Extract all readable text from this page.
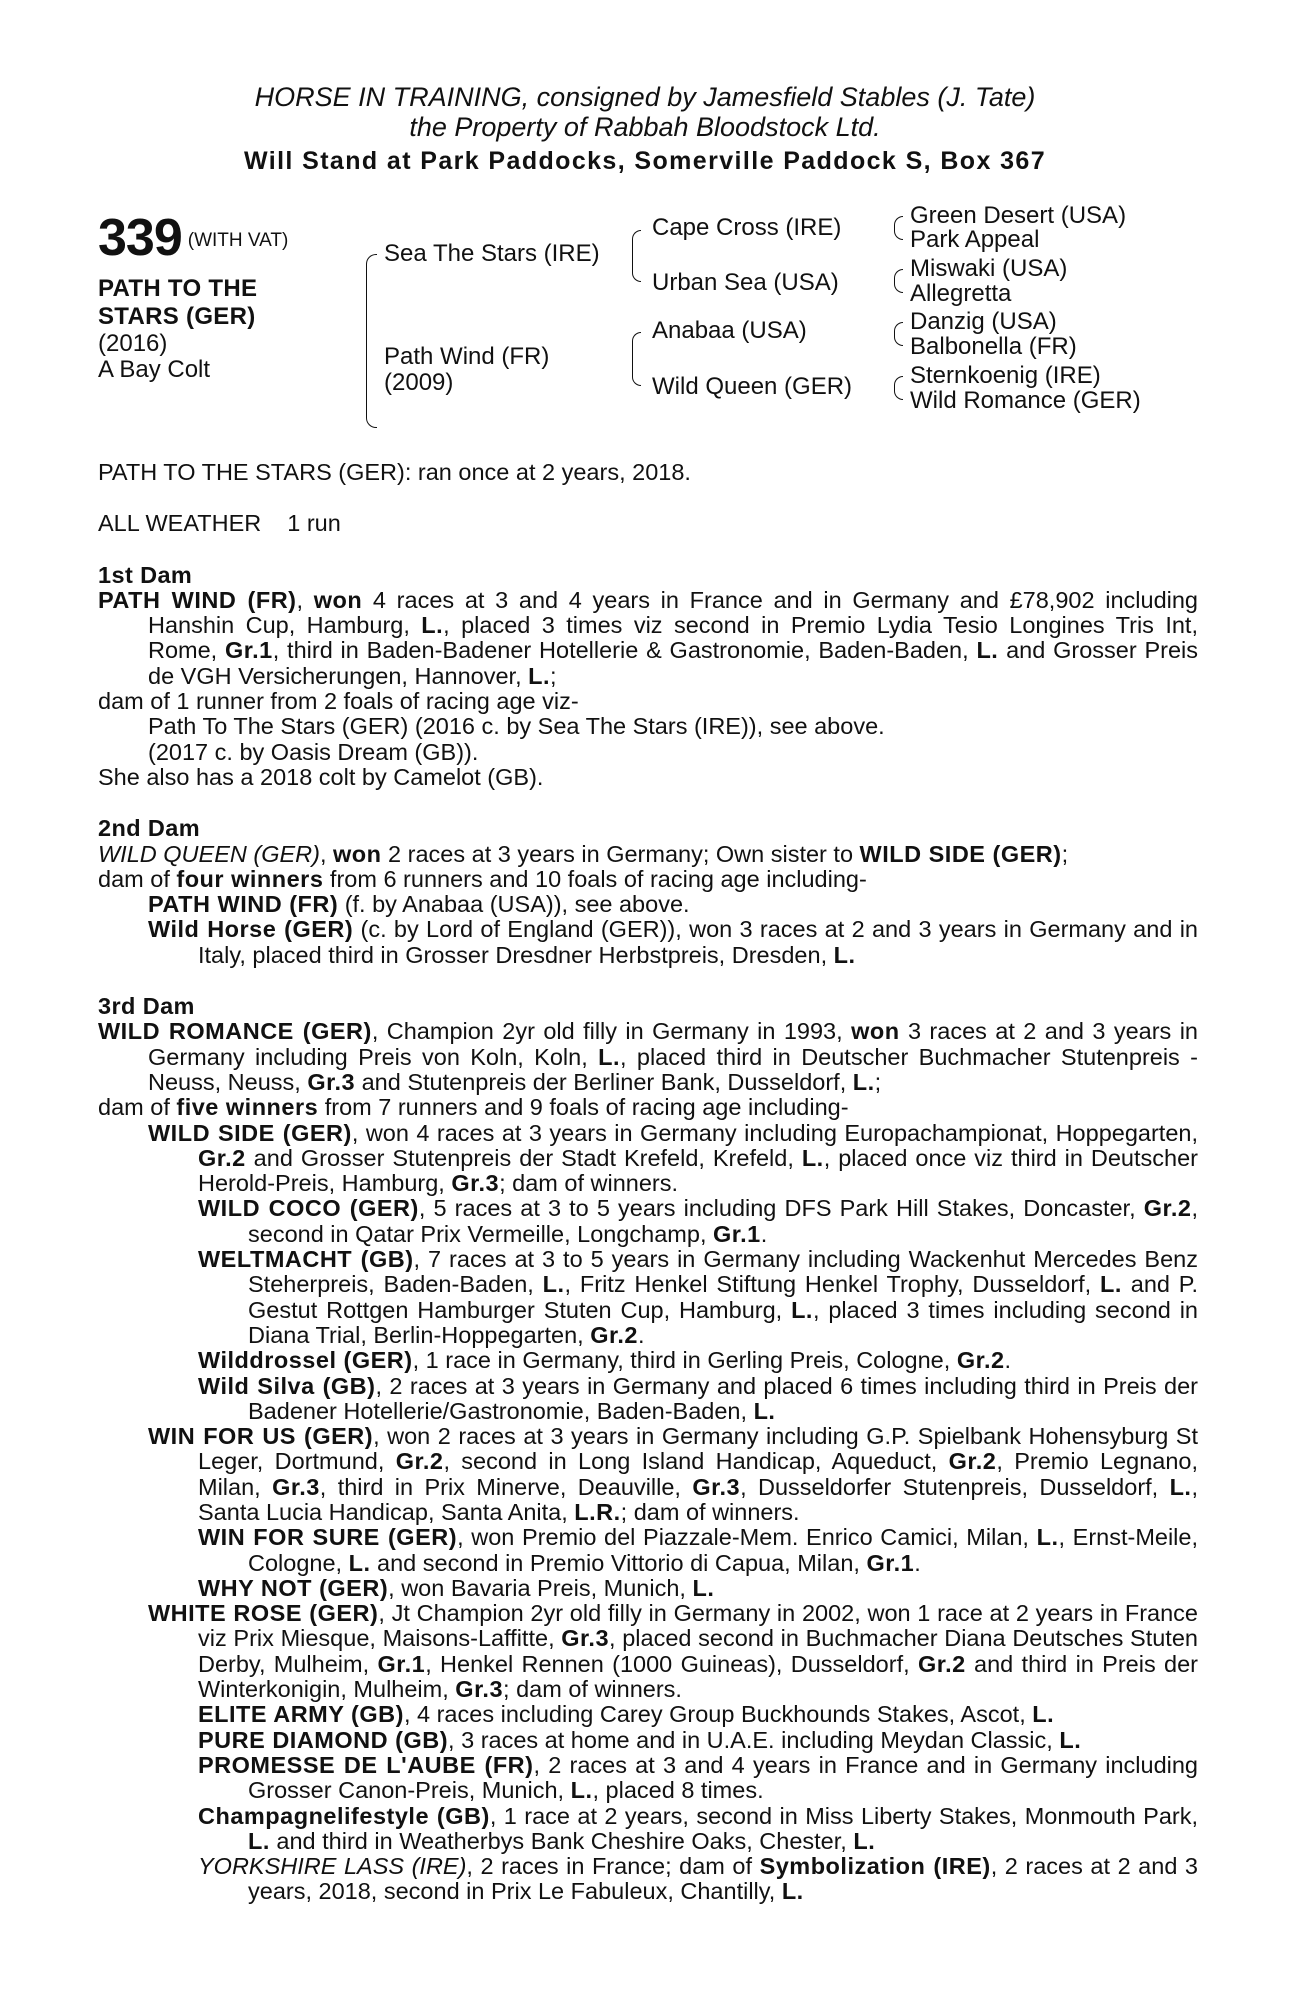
HORSE IN TRAINING, consigned by Jamesfield Stables (J. Tate)
the Property of Rabbah Bloodstock Ltd.
Will Stand at Park Paddocks, Somerville Paddock S, Box 367
339 (WITH VAT)
PATH TO THE
STARS (GER)
(2016)
A Bay Colt
Sea The Stars (IRE)
Path Wind (FR)
(2009)
Cape Cross (IRE)
Urban Sea (USA)
Anabaa (USA)
Wild Queen (GER)
Green Desert (USA)
Park Appeal
Miswaki (USA)
Allegretta
Danzig (USA)
Balbonella (FR)
Sternkoenig (IRE)
Wild Romance (GER)
PATH TO THE STARS (GER): ran once at 2 years, 2018.
ALL WEATHER 1 run
1st Dam
PATH WIND (FR), won 4 races at 3 and 4 years in France and in Germany and £78,902 including Hanshin Cup, Hamburg, L., placed 3 times viz second in Premio Lydia Tesio Longines Tris Int, Rome, Gr.1, third in Baden-Badener Hotellerie & Gastronomie, Baden-Baden, L. and Grosser Preis de VGH Versicherungen, Hannover, L.;
dam of 1 runner from 2 foals of racing age viz-
Path To The Stars (GER) (2016 c. by Sea The Stars (IRE)), see above.
(2017 c. by Oasis Dream (GB)).
She also has a 2018 colt by Camelot (GB).
2nd Dam
WILD QUEEN (GER), won 2 races at 3 years in Germany; Own sister to WILD SIDE (GER);
dam of four winners from 6 runners and 10 foals of racing age including-
PATH WIND (FR) (f. by Anabaa (USA)), see above.
Wild Horse (GER) (c. by Lord of England (GER)), won 3 races at 2 and 3 years in Germany and in Italy, placed third in Grosser Dresdner Herbstpreis, Dresden, L.
3rd Dam
WILD ROMANCE (GER), Champion 2yr old filly in Germany in 1993, won 3 races at 2 and 3 years in Germany including Preis von Koln, Koln, L., placed third in Deutscher Buchmacher Stutenpreis - Neuss, Neuss, Gr.3 and Stutenpreis der Berliner Bank, Dusseldorf, L.;
dam of five winners from 7 runners and 9 foals of racing age including-
WILD SIDE (GER), won 4 races at 3 years in Germany including Europachampionat, Hoppegarten, Gr.2 and Grosser Stutenpreis der Stadt Krefeld, Krefeld, L., placed once viz third in Deutscher Herold-Preis, Hamburg, Gr.3; dam of winners.
WILD COCO (GER), 5 races at 3 to 5 years including DFS Park Hill Stakes, Doncaster, Gr.2, second in Qatar Prix Vermeille, Longchamp, Gr.1.
WELTMACHT (GB), 7 races at 3 to 5 years in Germany including Wackenhut Mercedes Benz Steherpreis, Baden-Baden, L., Fritz Henkel Stiftung Henkel Trophy, Dusseldorf, L. and P. Gestut Rottgen Hamburger Stuten Cup, Hamburg, L., placed 3 times including second in Diana Trial, Berlin-Hoppegarten, Gr.2.
Wilddrossel (GER), 1 race in Germany, third in Gerling Preis, Cologne, Gr.2.
Wild Silva (GB), 2 races at 3 years in Germany and placed 6 times including third in Preis der Badener Hotellerie/Gastronomie, Baden-Baden, L.
WIN FOR US (GER), won 2 races at 3 years in Germany including G.P. Spielbank Hohensyburg St Leger, Dortmund, Gr.2, second in Long Island Handicap, Aqueduct, Gr.2, Premio Legnano, Milan, Gr.3, third in Prix Minerve, Deauville, Gr.3, Dusseldorfer Stutenpreis, Dusseldorf, L., Santa Lucia Handicap, Santa Anita, L.R.; dam of winners.
WIN FOR SURE (GER), won Premio del Piazzale-Mem. Enrico Camici, Milan, L., Ernst-Meile, Cologne, L. and second in Premio Vittorio di Capua, Milan, Gr.1.
WHY NOT (GER), won Bavaria Preis, Munich, L.
WHITE ROSE (GER), Jt Champion 2yr old filly in Germany in 2002, won 1 race at 2 years in France viz Prix Miesque, Maisons-Laffitte, Gr.3, placed second in Buchmacher Diana Deutsches Stuten Derby, Mulheim, Gr.1, Henkel Rennen (1000 Guineas), Dusseldorf, Gr.2 and third in Preis der Winterkonigin, Mulheim, Gr.3; dam of winners.
ELITE ARMY (GB), 4 races including Carey Group Buckhounds Stakes, Ascot, L.
PURE DIAMOND (GB), 3 races at home and in U.A.E. including Meydan Classic, L.
PROMESSE DE L'AUBE (FR), 2 races at 3 and 4 years in France and in Germany including Grosser Canon-Preis, Munich, L., placed 8 times.
Champagnelifestyle (GB), 1 race at 2 years, second in Miss Liberty Stakes, Monmouth Park, L. and third in Weatherbys Bank Cheshire Oaks, Chester, L.
YORKSHIRE LASS (IRE), 2 races in France; dam of Symbolization (IRE), 2 races at 2 and 3 years, 2018, second in Prix Le Fabuleux, Chantilly, L.
